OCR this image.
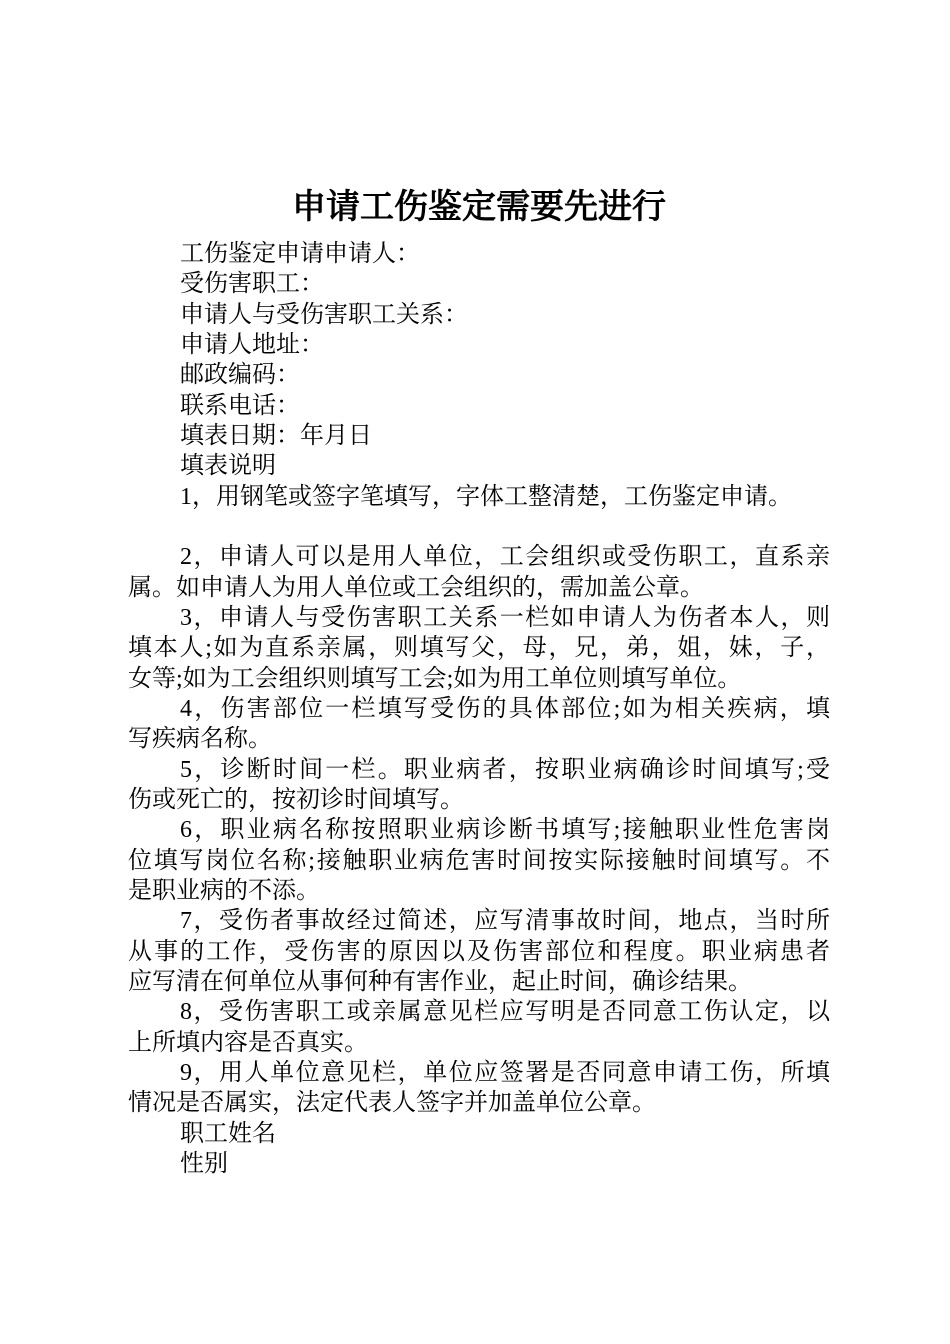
申请工伤鉴定需要先进行
工伤鉴定申请申请人：
受伤害职工：
申请人与受伤害职工关系：
申请人地址：
邮政编码：
联系电话：
填表日期：年月日
填表说明
1，用钢笔或签字笔填写，字体工整清楚，工伤鉴定申请。
2，申请人可以是用人单位，工会组织或受伤职工，直系亲
属。如申请人为用人单位或工会组织的，需加盖公章。
3，申请人与受伤害职工关系一栏如申请人为伤者本人，则
填本人;如为直系亲属，则填写父，母，兄，弟，姐，妹，子，
女等;如为工会组织则填写工会;如为用工单位则填写单位。
4，伤害部位一栏填写受伤的具体部位;如为相关疾病，填
写疾病名称。
5，诊断时间一栏。职业病者，按职业病确诊时间填写;受
伤或死亡的，按初诊时间填写。
6，职业病名称按照职业病诊断书填写;接触职业性危害岗
位填写岗位名称;接触职业病危害时间按实际接触时间填写。不
是职业病的不添。
7，受伤者事故经过简述，应写清事故时间，地点，当时所
从事的工作，受伤害的原因以及伤害部位和程度。职业病患者
应写清在何单位从事何种有害作业，起止时间，确诊结果。
8，受伤害职工或亲属意见栏应写明是否同意工伤认定，以
上所填内容是否真实。
9，用人单位意见栏，单位应签署是否同意申请工伤，所填
情况是否属实，法定代表人签字并加盖单位公章。
职工姓名
性别
